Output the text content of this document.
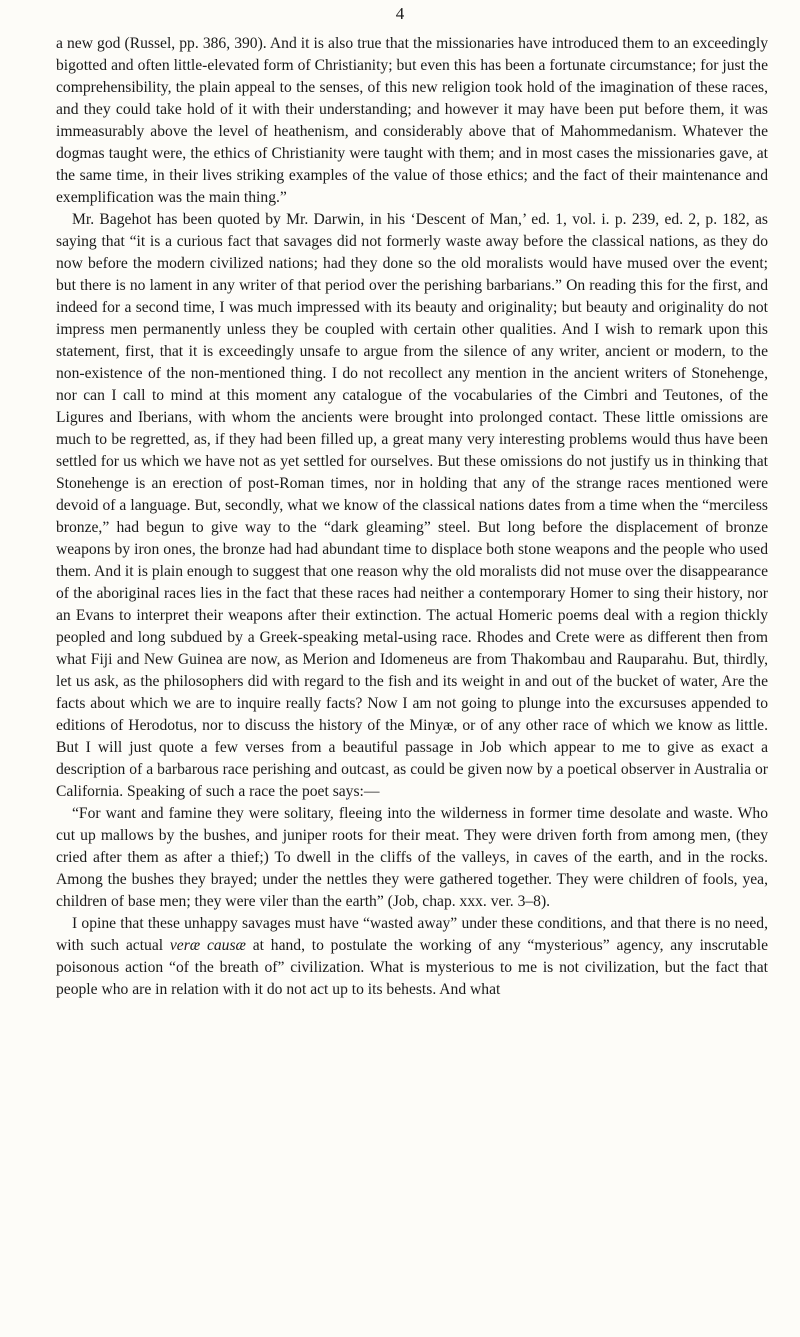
4

a new god (Russel, pp. 386, 390). And it is also true that the missionaries have introduced them to an exceedingly bigotted and often little-elevated form of Christianity; but even this has been a fortunate circumstance; for just the comprehensibility, the plain appeal to the senses, of this new religion took hold of the imagination of these races, and they could take hold of it with their understanding; and however it may have been put before them, it was immeasurably above the level of heathenism, and considerably above that of Mahommedanism. Whatever the dogmas taught were, the ethics of Christianity were taught with them; and in most cases the missionaries gave, at the same time, in their lives striking examples of the value of those ethics; and the fact of their maintenance and exemplification was the main thing.”

Mr. Bagehot has been quoted by Mr. Darwin, in his ‘Descent of Man,’ ed. 1, vol. i. p. 239, ed. 2, p. 182, as saying that “it is a curious fact that savages did not formerly waste away before the classical nations, as they do now before the modern civilized nations; had they done so the old moralists would have mused over the event; but there is no lament in any writer of that period over the perishing barbarians.” On reading this for the first, and indeed for a second time, I was much impressed with its beauty and originality; but beauty and originality do not impress men permanently unless they be coupled with certain other qualities. And I wish to remark upon this statement, first, that it is exceedingly unsafe to argue from the silence of any writer, ancient or modern, to the non-existence of the non-mentioned thing. I do not recollect any mention in the ancient writers of Stonehenge, nor can I call to mind at this moment any catalogue of the vocabularies of the Cimbri and Teutones, of the Ligures and Iberians, with whom the ancients were brought into prolonged contact. These little omissions are much to be regretted, as, if they had been filled up, a great many very interesting problems would thus have been settled for us which we have not as yet settled for ourselves. But these omissions do not justify us in thinking that Stonehenge is an erection of post-Roman times, nor in holding that any of the strange races mentioned were devoid of a language. But, secondly, what we know of the classical nations dates from a time when the “merciless bronze,” had begun to give way to the “dark gleaming” steel. But long before the displacement of bronze weapons by iron ones, the bronze had had abundant time to displace both stone weapons and the people who used them. And it is plain enough to suggest that one reason why the old moralists did not muse over the disappearance of the aboriginal races lies in the fact that these races had neither a contemporary Homer to sing their history, nor an Evans to interpret their weapons after their extinction. The actual Homeric poems deal with a region thickly peopled and long subdued by a Greek-speaking metal-using race. Rhodes and Crete were as different then from what Fiji and New Guinea are now, as Merion and Idomeneus are from Thakombau and Rauparahu. But, thirdly, let us ask, as the philosophers did with regard to the fish and its weight in and out of the bucket of water, Are the facts about which we are to inquire really facts? Now I am not going to plunge into the excursuses appended to editions of Herodotus, nor to discuss the history of the Minyæ, or of any other race of which we know as little. But I will just quote a few verses from a beautiful passage in Job which appear to me to give as exact a description of a barbarous race perishing and outcast, as could be given now by a poetical observer in Australia or California. Speaking of such a race the poet says:—

“For want and famine they were solitary, fleeing into the wilderness in former time desolate and waste. Who cut up mallows by the bushes, and juniper roots for their meat. They were driven forth from among men, (they cried after them as after a thief;) To dwell in the cliffs of the valleys, in caves of the earth, and in the rocks. Among the bushes they brayed; under the nettles they were gathered together. They were children of fools, yea, children of base men; they were viler than the earth” (Job, chap. xxx. ver. 3–8).

I opine that these unhappy savages must have “wasted away” under these conditions, and that there is no need, with such actual veræ causæ at hand, to postulate the working of any “mysterious” agency, any inscrutable poisonous action “of the breath of” civilization. What is mysterious to me is not civilization, but the fact that people who are in relation with it do not act up to its behests. And what
